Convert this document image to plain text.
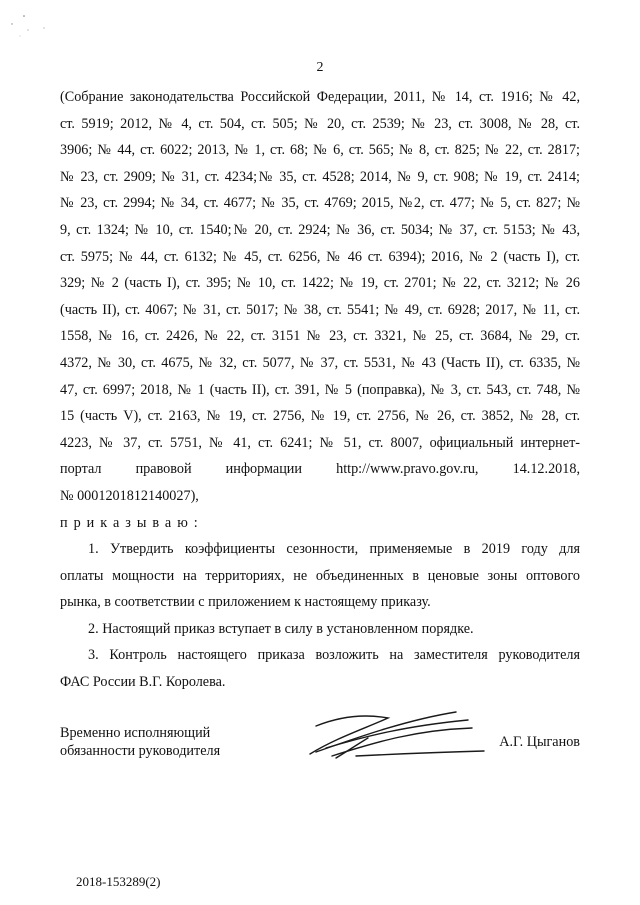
2
(Собрание законодательства Российской Федерации, 2011, № 14, ст. 1916; № 42,
ст. 5919; 2012, № 4, ст. 504, ст. 505; № 20, ст. 2539; № 23, ст. 3008, № 28, ст.
3906; № 44, ст. 6022; 2013, № 1, ст. 68; № 6, ст. 565; № 8, ст. 825; № 22, ст. 2817;
№ 23, ст. 2909; № 31, ст. 4234;№ 35, ст. 4528; 2014, № 9, ст. 908; № 19, ст. 2414;
№ 23, ст. 2994; № 34, ст. 4677; № 35, ст. 4769; 2015, №2, ст. 477; № 5, ст. 827; №
9, ст. 1324; № 10, ст. 1540;№ 20, ст. 2924; № 36, ст. 5034; № 37, ст. 5153; № 43,
ст. 5975; № 44, ст. 6132; № 45, ст. 6256, № 46 ст. 6394); 2016, № 2 (часть I), ст.
329; № 2 (часть I), ст. 395; № 10, ст. 1422; № 19, ст. 2701; № 22, ст. 3212; № 26
(часть II), ст. 4067; № 31, ст. 5017; № 38, ст. 5541; № 49, ст. 6928; 2017, № 11, ст.
1558, № 16, ст. 2426, № 22, ст. 3151 № 23, ст. 3321, № 25, ст. 3684, № 29, ст.
4372, № 30, ст. 4675, № 32, ст. 5077, № 37, ст. 5531, № 43 (Часть II), ст. 6335, №
47, ст. 6997; 2018, № 1 (часть II), ст. 391, № 5 (поправка), № 3, ст. 543, ст. 748, №
15 (часть V), ст. 2163, № 19, ст. 2756, № 19, ст. 2756, № 26, ст. 3852, № 28, ст.
4223, № 37, ст. 5751, № 41, ст. 6241; № 51, ст. 8007, официальный интернет-
портал правовой информации http://www.pravo.gov.ru, 14.12.2018,
№ 0001201812140027),
приказываю:
1. Утвердить коэффициенты сезонности, применяемые в 2019 году для
оплаты мощности на территориях, не объединенных в ценовые зоны оптового
рынка, в соответствии с приложением к настоящему приказу.
2. Настоящий приказ вступает в силу в установленном порядке.
3. Контроль настоящего приказа возложить на заместителя руководителя
ФАС России В.Г. Королева.
Временно исполняющий
обязанности руководителя
А.Г. Цыганов
2018-153289(2)
